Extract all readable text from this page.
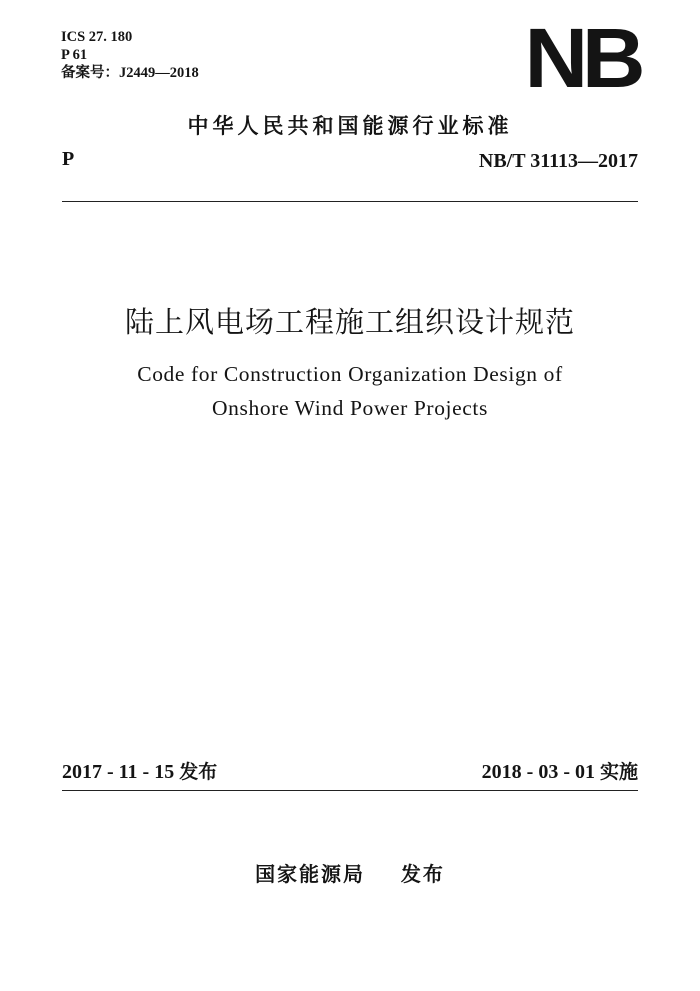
ICS 27. 180
P 61
备案号：J2449—2018	NB
中华人民共和国能源行业标准
P	NB/T 31113—2017
陆上风电场工程施工组织设计规范
Code for Construction Organization Design of
Onshore Wind Power Projects
2017 - 11 - 15 发布	2018 - 03 - 01 实施
国家能源局 发布
